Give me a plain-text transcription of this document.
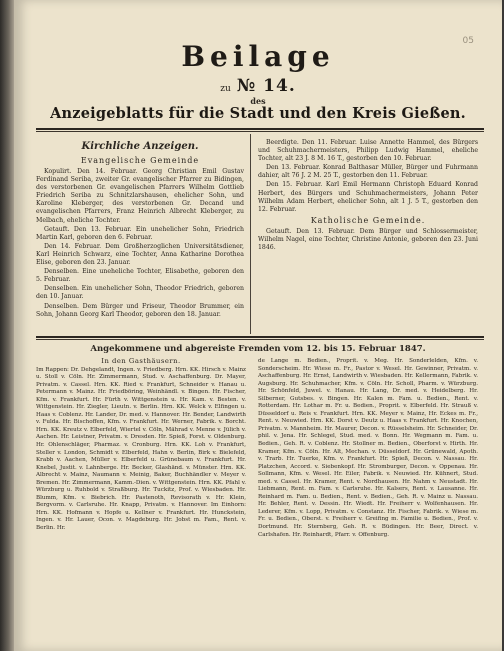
05
Beilage
zu № 14.
des
Anzeigeblatts für die Stadt und den Kreis Gießen.

Kirchliche Anzeigen.

Evangelische Gemeinde

Kopulirt. Den 14. Februar. Georg Christian Emil Gustav Ferdinand Seriba, zweiter Gr. evangelischer Pfarrer zu Bidingen, des verstorbenen Gr. evangelischen Pfarrers Wilhelm Gottlieb Friedrich Seriba zu Schnitzlarshausen, ehelicher Sohn, und Karoline Kleberger, des verstorbenen Gr. Decand und evangelischen Pfarrers, Franz Heinrich Albrecht Kleberger, zu Melbach, eheliche Tochter.

Getauft. Den 13. Februar. Ein unehelicher Sohn, Friedrich Martin Karl, geboren den 6. Februar.

Den 14. Februar. Dem Großherzoglichen Universitätsdiener, Karl Heinrich Schwarz, eine Tochter, Anna Katharine Dorothea Elise, geboren den 23. Januar.

Denselben. Eine uneheliche Tochter, Elisabethe, geboren den 5. Februar.

Denselben. Ein unehelicher Sohn, Theodor Friedrich, geboren den 10. Januar.

Denselben. Dem Bürger und Friseur, Theodor Brummer, ein Sohn, Johann Georg Karl Theodor, geboren den 18. Januar.

Beerdigte. Den 11. Februar. Luise Annette Hammel, des Bürgers und Schuhmachermeisters, Philipp Ludwig Hammel, eheliche Tochter, alt 23 J. 8 M. 16 T., gestorben den 10. Februar.

Den 13. Februar. Konrad Balthasar Müller, Bürger und Fuhrmann dahier, alt 76 J. 2 M. 25 T., gestorben den 11. Februar.

Den 15. Februar. Karl Emil Hermann Christoph Eduard Konrad Herbert, des Bürgers und Schuhmachermeisters, Johann Peter Wilhelm Adam Herbert, ehelicher Sohn, alt 1 J. 5 T., gestorben den 12. Februar.

Katholische Gemeinde.

Getauft. Den 13. Februar. Dem Bürger und Schlossermeister, Wilhelm Nagel, eine Tochter, Christine Antonie, geboren den 23. Juni 1846.

Angekommene und abgereiste Fremden vom 12. bis 15. Februar 1847.

In den Gasthäusern.

Im Rappen: Dr. Dehgelandt, Ingen. v. Friedberg. Hrn. KK. Hirsch v. Mainz u. Stoll v. Cöln. Hr. Zimmermann, Stud. v. Aschaffenburg. Dr. Mayer, Privatm. v. Cassel. Hrn. KK. Ried v. Frankfurt, Schneider v. Hanau u. Petermann v. Mainz. Hr. Friedböring, Weinhändl. v. Bingen. Hr. Fischer, Kfm. v. Frankfurt. Hr. Fürth v. Wittgenstein u. Hr. Kam. v. Besten. v. Wittgenstein. Hr. Ziegler, Lieutn. v. Berlin. Hrn. KK. Welck v. Elfingen u. Haas v. Coblenz. Hr. Lander, Dr. med. v. Hannover. Hr. Bender, Landwirth v. Fulda. Hr. Bischoffen, Kfm. v. Frankfurt. Hr. Werner, Fabrik. v. Borcht. Hrn. KK. Kreutz v. Elberfeld, Wiertel v. Cöln, Mährad v. Menne v. Jülich v. Aachen. Hr. Leistner, Privatm. v. Dresden. Hr. Spieß, Forst. v. Oldenburg. Hr. Ohlenschläger, Pharmaz. v. Cronburg. Hrn. KK. Loh v. Frankfurt, Steller v. London, Schmidt v. Elberfeld, Hahn v. Berlin, Birk v. Bielefeld, Krabb v. Aachen, Müller v. Elberfeld u. Grünebaum v. Frankfurt. Hr. Knebel, Justit. v. Lahnberge. Hr. Becker, Glashänd. v. Münster. Hrn. KK. Albrecht v. Mainz, Naumann v. Meinig, Baker, Buchhändler v. Meyer v. Bremen. Hr. Zimmermann, Kamm.-Dien. v. Wittgenstein. Hrn. KK. Pfahl v. Würzburg u. Ruhbold v. Straßburg. Hr. Tuckitz, Prof. v. Wiesbaden. Hr. Blumm, Kfm. v. Biebrich. Hr. Pastenoth, Revisorath v. Hr. Klein, Bergvorm. v. Carlsruhe. Hr. Knapp, Privatm. v. Hannover. Im Einhorn: Hrn. KK. Hofmann v. Hopfe u. Kellner v. Frankfurt. Hr. Hunckstein, Ingen. v. Hr. Lauer, Ocon. v. Magdeburg. Hr. Jobst m. Fam., Rent. v. Berlin. Hr.

de Lange m. Bedien., Proprit. v. Meg. Hr. Sonderlelden, Kfm. v. Sonderscheim. Hr. Wiese m. Fr., Pastor v. Wesel. Hr. Gewinner, Privatm. v. Aschaffenburg. Hr. Ernst, Landwirth v. Wiesbaden. Hr. Kellermann, Fabrik. v. Augsburg. Hr. Schuhmacher, Kfm. v. Cöln. Hr. Scholl, Pharm. v. Würzburg. Hr. Schönfeld, Juwel. v. Hanau. Hr. Lang, Dr. med. v. Heidelberg. Hr. Silberner, Gutsbes. v. Bingen. Hr. Kalen m. Fam. u. Bedien., Rent. v. Rotterdam. Hr. Lothar m. Fr. u. Bedien., Proprit. v. Elberfeld. Hr. Strauß v. Düsseldorf u. Reis v. Frankfurt. Hrn. KK. Meyer v. Mainz, Hr. Eckes m. Fr., Rent. v. Neuwied. Hrn. KK. Dorst v. Deutz u. Haas v. Frankfurt. Hr. Knochen, Privatm. v. Mannheim. Hr. Maurer, Decon. v. Rüsselsheim. Hr. Schneider, Dr. phil. v. Jena. Hr. Schlegel, Stud. med. v. Bonn. Hr. Wegmann m. Fam. u. Bedien., Geh. R. v. Coblenz. Hr. Stollner m. Bedien., Oberforst v. Hirth. Hr. Kramer, Kfm. v. Cöln. Hr. Alt, Mechan. v. Düsseldorf. Hr. Grünewald, Apoth. v. Trarb. Hr. Tuerke, Kfm. v. Frankfurt. Hr. Spieß, Decon. v. Nassau. Hr. Platzchen, Accord. v. Siebenkopf. Hr. Stromburger, Decon. v. Oppenau. Hr. Sollmann, Kfm. v. Wesel. Hr. Eiler, Fabrik. v. Neuwied. Hr. Kühnert, Stud. med. v. Cassel. Hr. Kramer, Rent. v. Nordhausen. Hr. Nahm v. Neustadt. Hr. Liebmann, Rent. m. Fam. v. Carlsruhe. Hr. Kalsers, Rent. v. Lausanne. Hr. Reinhard m. Fam. u. Bedien., Rent. v. Bedien., Geh. R. v. Mainz u. Nassau. Hr. Behler, Rent. v. Dessin. Hr. Wiedt. Hr. Freiherr v. Wolfenhausen. Hr. Lederer, Kfm. v. Lopp, Privatm. v. Constanz. Hr. Fischer, Fabrik. v. Wiese m. Fr. u. Bedien., Oberst. v. Freiherr v. Greifing m. Familie u. Bedien., Prof. v. Dortmund. Hr. Sternberg, Geh. R. v. Büdingen. Hr. Beer, Direct. v. Carlshafen. Hr. Reinhardt, Pfarr. v. Offenburg.
